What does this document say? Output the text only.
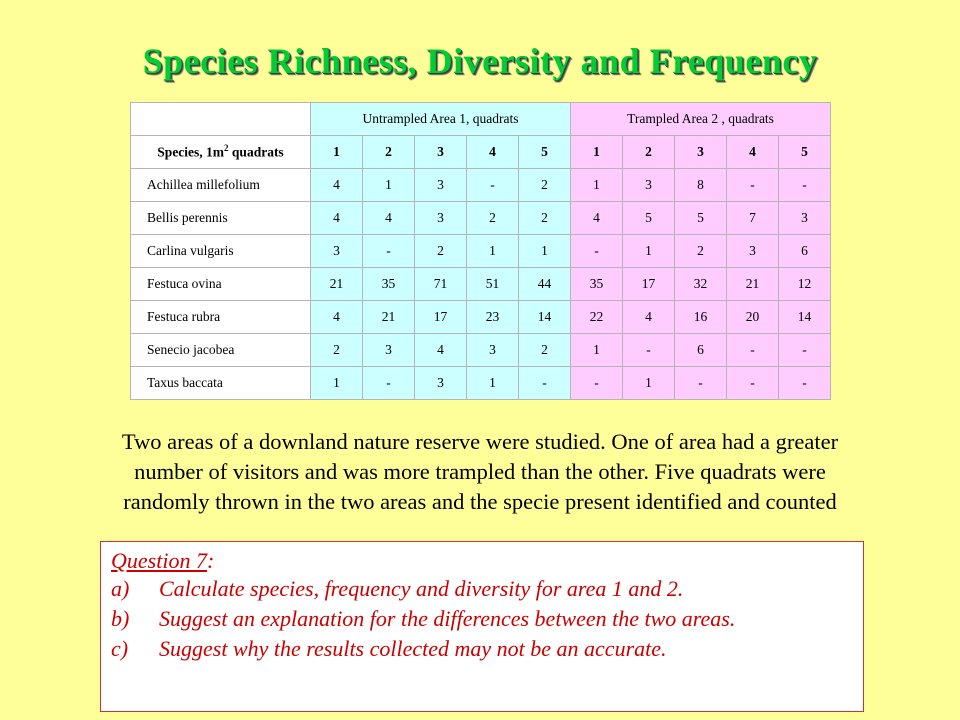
Species Richness, Diversity and Frequency
	Untrampled Area 1, quadrats					Trampled Area 2 , quadrats				
Species, $1m^2$ quadrats	1	2	3	4	5	1	2	3	4	5
Achillea millefolium	4	1	3	-	2	1	3	8	-	-
Bellis perennis	4	4	3	2	2	4	5	5	7	3
Carlina vulgaris	3	-	2	1	1	-	1	2	3	6
Festuca ovina	21	35	71	51	44	35	17	32	21	12
Festuca rubra	4	21	17	23	14	22	4	16	20	14
Senecio jacobea	2	3	4	3	2	1	-	6	-	-
Taxus baccata	1	-	3	1	-	-	1	-	-	-
Two areas of a downland nature reserve were studied. One of area had a greater
number of visitors and was more trampled than the other. Five quadrats were
randomly thrown in the two areas and the specie present identified and counted
Question 7:
a)	Calculate species, frequency and diversity for area 1 and 2.
b)	Suggest an explanation for the differences between the two areas.
c)	Suggest why the results collected may not be an accurate.
